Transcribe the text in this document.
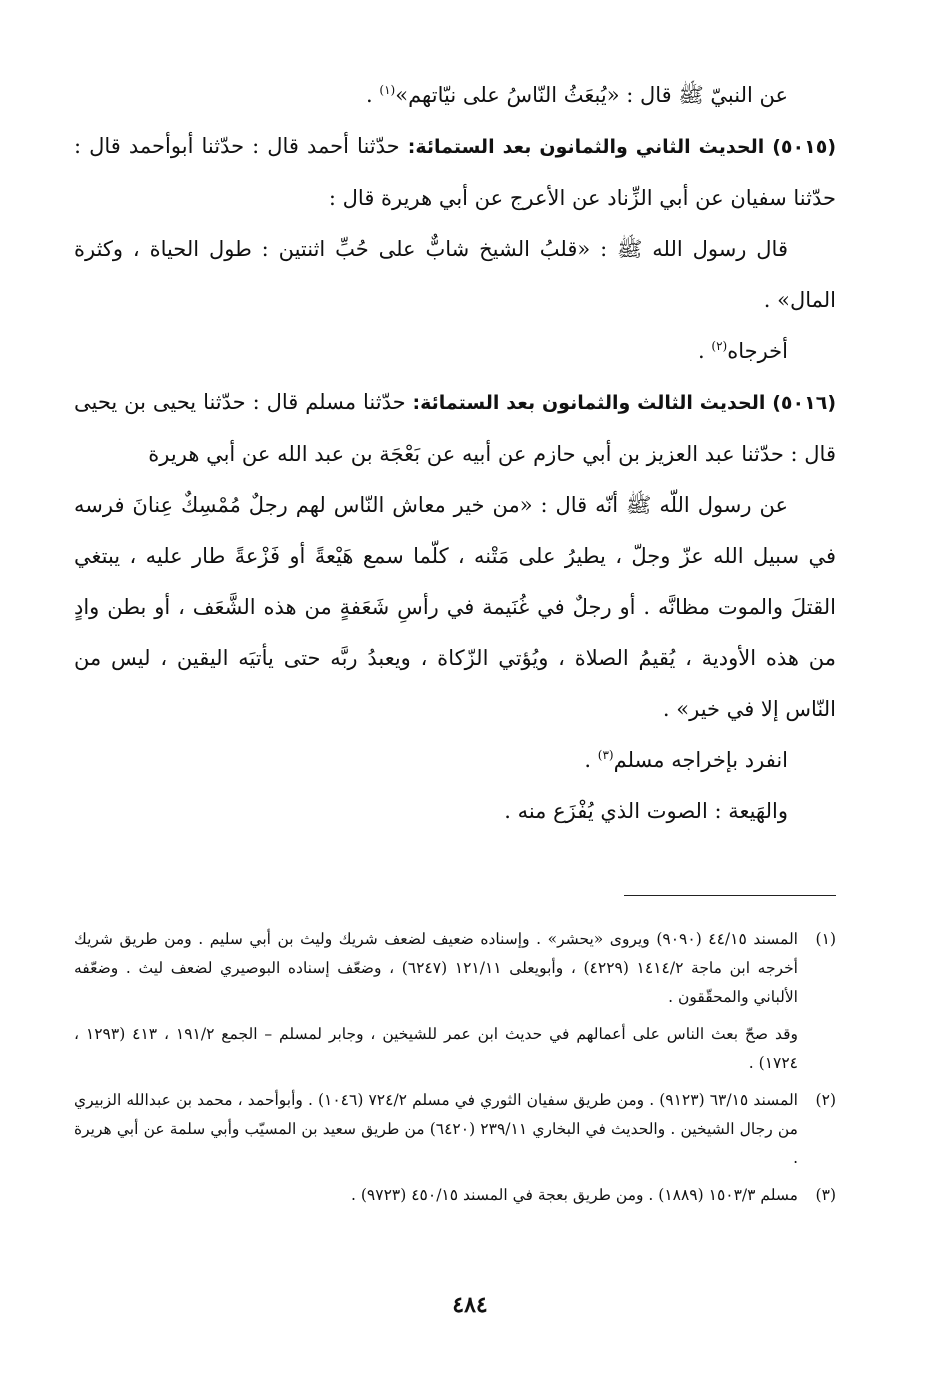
عن النبيّ ﷺ قال : «يُبعَثُ النّاسُ على نيّاتهم»$^{(١)}$ .

(٥٠١٥) الحديث الثاني والثمانون بعد الستمائة: حدّثنا أحمد قال : حدّثنا أبوأحمد قال : حدّثنا سفيان عن أبي الزِّناد عن الأعرج عن أبي هريرة قال :

قال رسول الله ﷺ : «قلبُ الشيخ شابٌّ على حُبِّ اثنتين : طول الحياة ، وكثرة المال» .

أخرجاه$^{(٢)}$ .

(٥٠١٦) الحديث الثالث والثمانون بعد الستمائة: حدّثنا مسلم قال : حدّثنا يحيى بن يحيى قال : حدّثنا عبد العزيز بن أبي حازم عن أبيه عن بَعْجَة بن عبد الله عن أبي هريرة

عن رسول اللّه ﷺ أنّه قال : «من خير معاش النّاس لهم رجلٌ مُمْسِكٌ عِنانَ فرسه في سبيل الله عزّ وجلّ ، يطيرُ على مَتْنه ، كلّما سمع هَيْعةً أو فَزْعةً طار عليه ، يبتغي القتلَ والموت مظانَّه . أو رجلٌ في غُنَيمة في رأسِ شَعَفةٍ من هذه الشَّعَف ، أو بطن وادٍ من هذه الأودية ، يُقيمُ الصلاة ، ويُؤتي الزّكاة ، ويعبدُ ربَّه حتى يأتيَه اليقين ، ليس من النّاس إلا في خير» .

انفرد بإخراجه مسلم$^{(٣)}$ .

والهَيعة : الصوت الذي يُفْزَع منه .

(١)
المسند ٤٤/١٥ (٩٠٩٠) ويروى «يحشر» . وإسناده ضعيف لضعف شريك وليث بن أبي سليم . ومن طريق شريك أخرجه ابن ماجة ١٤١٤/٢ (٤٢٢٩) ، وأبويعلى ١٢١/١١ (٦٢٤٧) ، وضعّف إسناده البوصيري لضعف ليث . وضعّفه الألباني والمحقّقون .

وقد صحّ بعث الناس على أعمالهم في حديث ابن عمر للشيخين ، وجابر لمسلم – الجمع ١٩١/٢ ، ٤١٣ (١٢٩٣ ، ١٧٢٤) .

(٢)
المسند ٦٣/١٥ (٩١٢٣) . ومن طريق سفيان الثوري في مسلم ٧٢٤/٢ (١٠٤٦) . وأبوأحمد ، محمد بن عبدالله الزبيري من رجال الشيخين . والحديث في البخاري ٢٣٩/١١ (٦٤٢٠) من طريق سعيد بن المسيّب وأبي سلمة عن أبي هريرة .

(٣)
مسلم ١٥٠٣/٣ (١٨٨٩) . ومن طريق بعجة في المسند ٤٥٠/١٥ (٩٧٢٣) .

٤٨٤
